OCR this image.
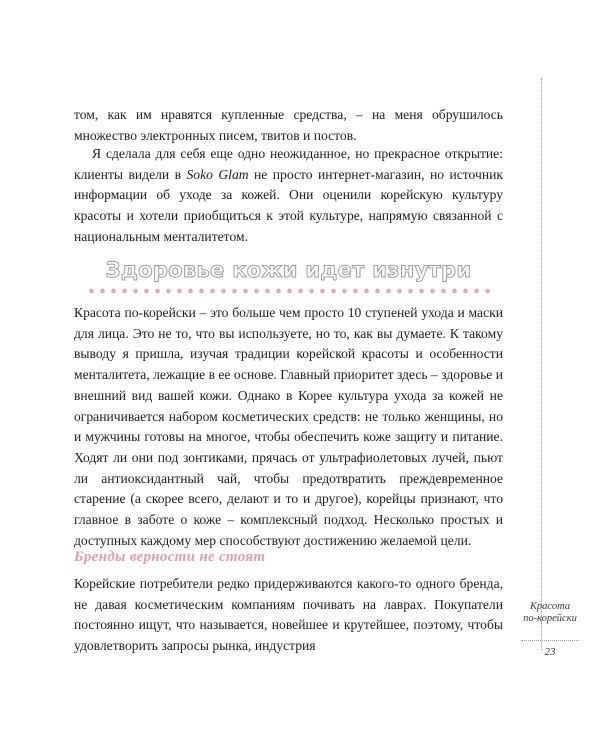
том, как им нравятся купленные средства, – на меня обрушилось множество электронных писем, твитов и постов.

Я сделала для себя еще одно неожиданное, но прекрасное открытие: клиенты видели в Soko Glam не просто интернет-магазин, но источник информации об уходе за кожей. Они оценили корейскую культуру красоты и хотели приобщиться к этой культуре, напрямую связанной с национальным менталитетом.

Здоровье кожи идет изнутри

Красота по-корейски – это больше чем просто 10 ступеней ухода и маски для лица. Это не то, что вы используете, но то, как вы думаете. К такому выводу я пришла, изучая традиции корейской красоты и особенности менталитета, лежащие в ее основе. Главный приоритет здесь – здоровье и внешний вид вашей кожи. Однако в Корее культура ухода за кожей не ограничивается набором косметических средств: не только женщины, но и мужчины готовы на многое, чтобы обеспечить коже защиту и питание. Ходят ли они под зонтиками, прячась от ультрафиолетовых лучей, пьют ли антиоксидантный чай, чтобы предотвратить преждевременное старение (а скорее всего, делают и то и другое), корейцы признают, что главное в заботе о коже – комплексный подход. Несколько простых и доступных каждому мер способствуют достижению желаемой цели.

Бренды верности не стоят

Корейские потребители редко придерживаются какого-то одного бренда, не давая косметическим компаниям почивать на лаврах. Покупатели постоянно ищут, что называется, новейшее и крутейшее, поэтому, чтобы удовлетворить запросы рынка, индустрия

Красота
по-корейски
23
